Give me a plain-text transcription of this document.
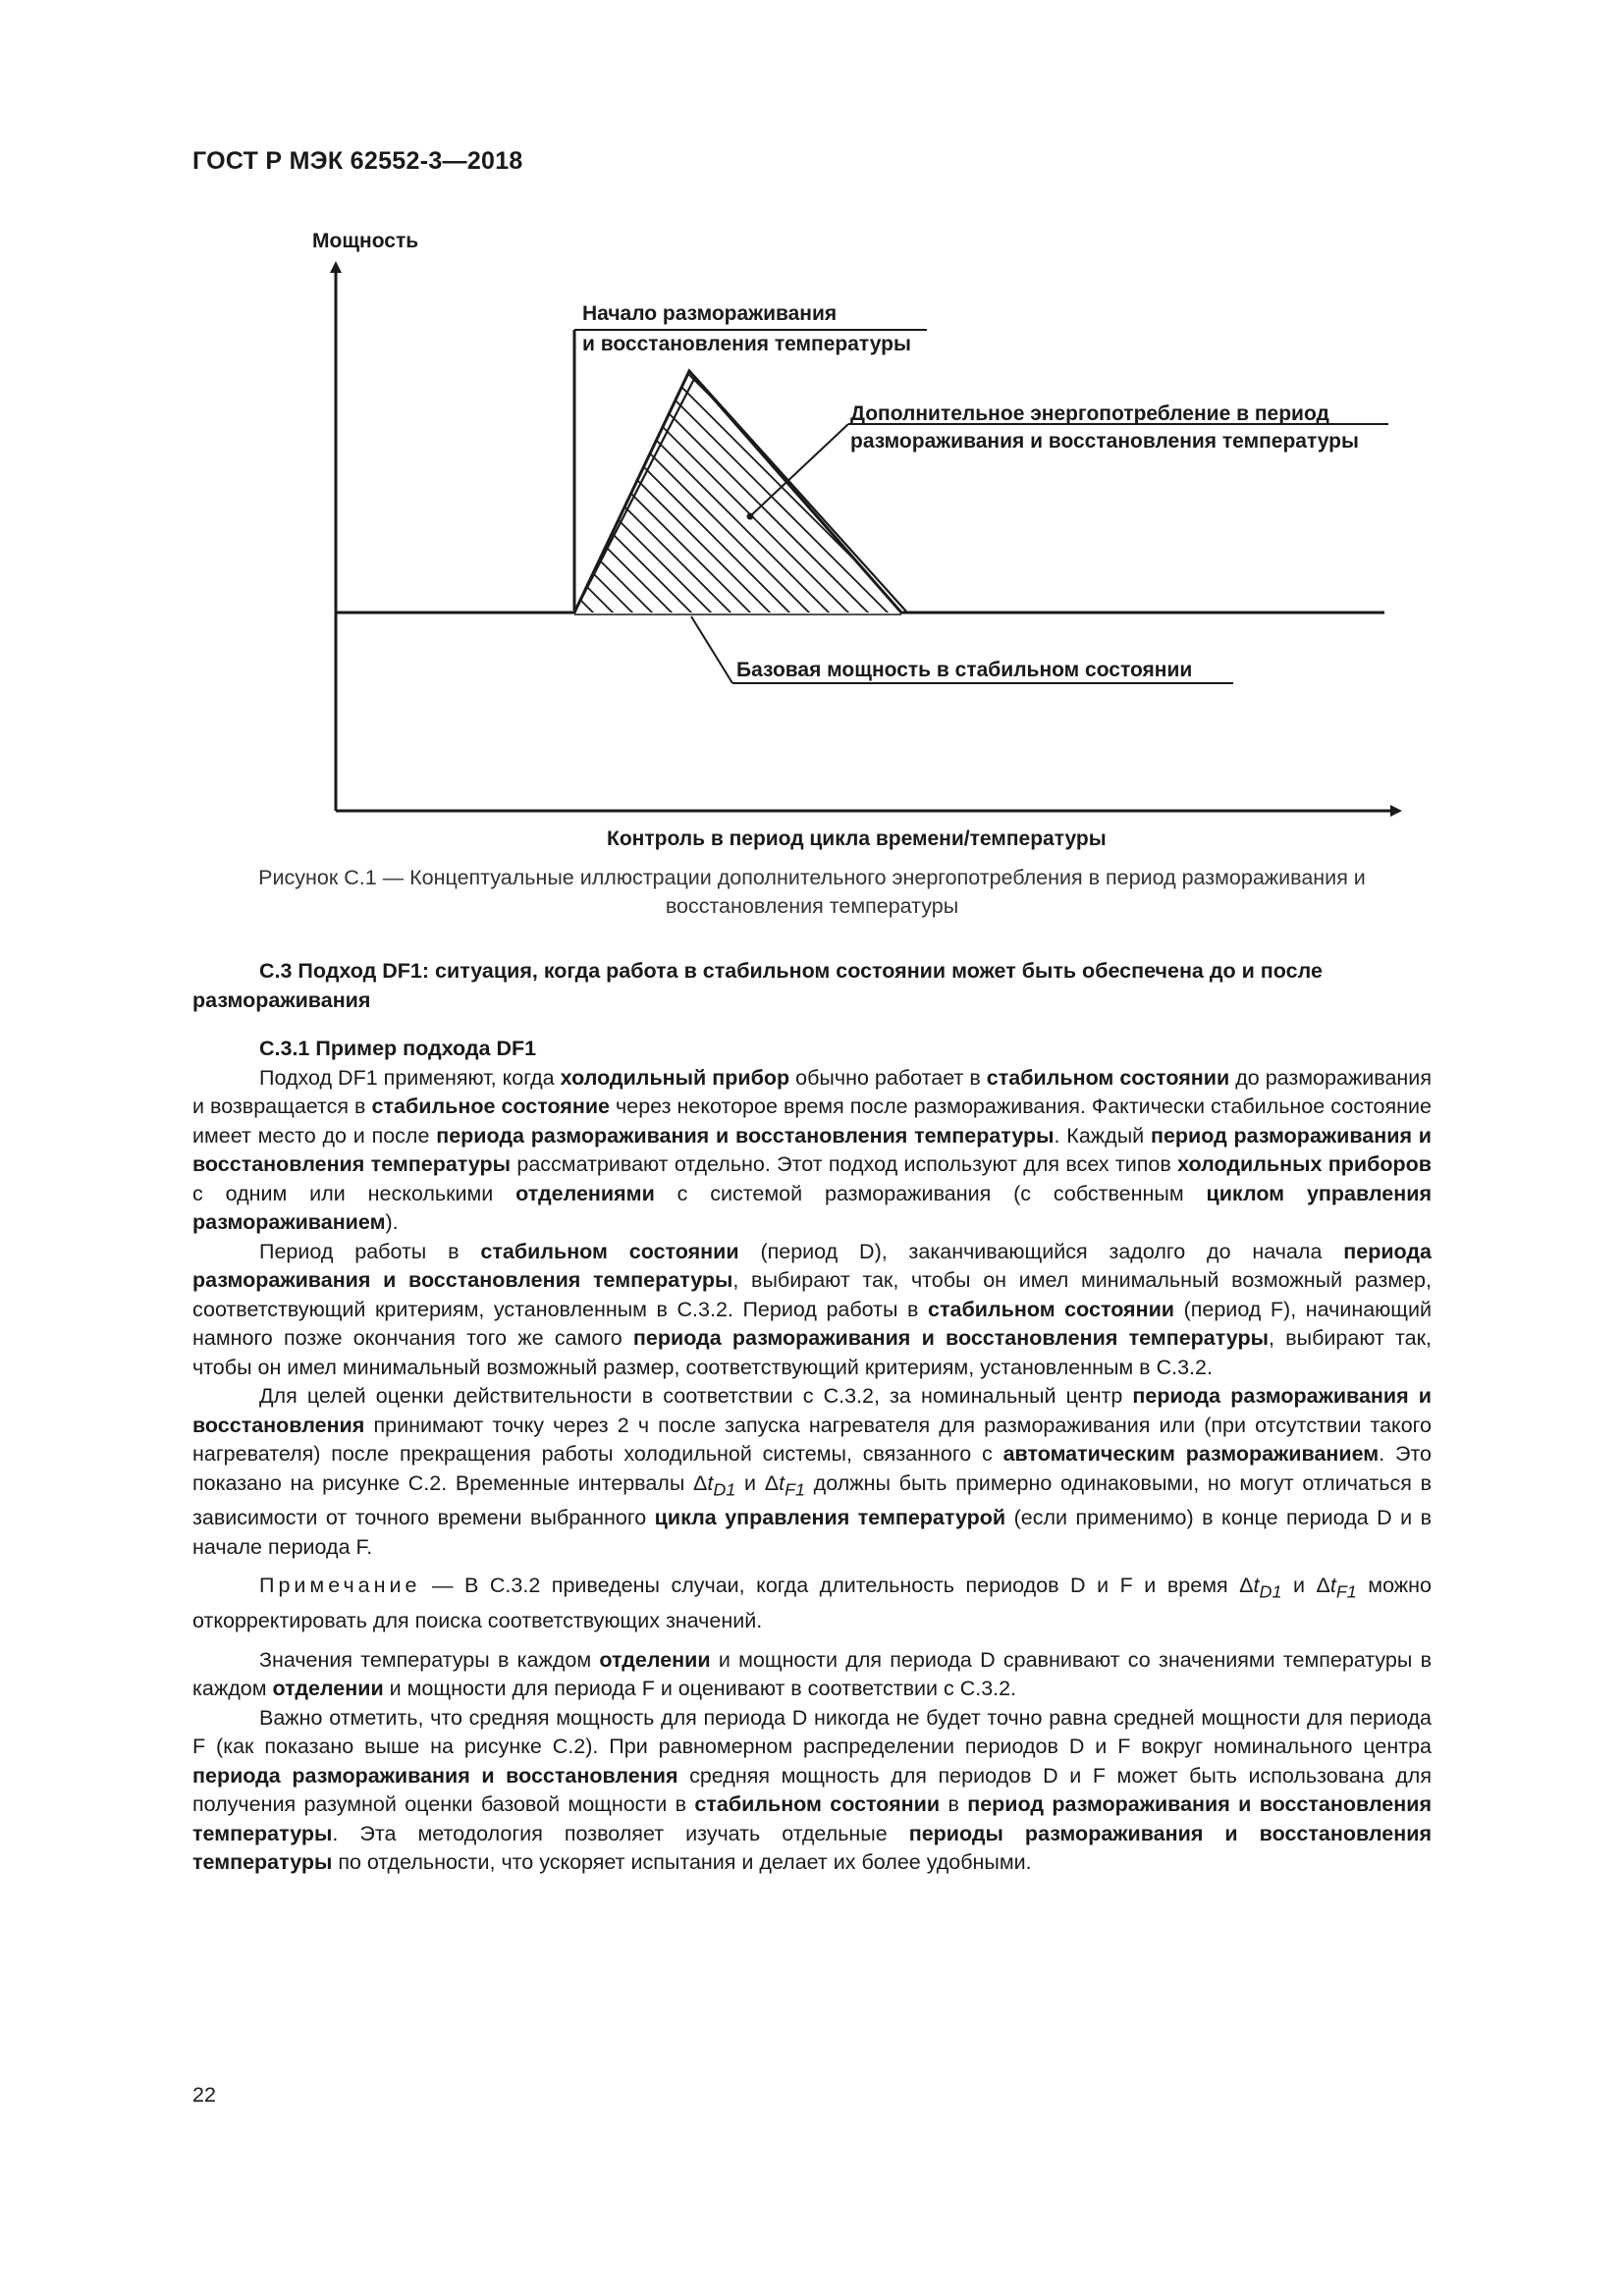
ГОСТ Р МЭК 62552-3—2018
Мощность
Начало размораживания
и восстановления температуры
Дополнительное энергопотребление в период
размораживания и восстановления температуры
Базовая мощность в стабильном состоянии
Контроль в период цикла времени/температуры
Рисунок С.1 — Концептуальные иллюстрации дополнительного энергопотребления в период размораживания и
восстановления температуры
С.3 Подход DF1: ситуация, когда работа в стабильном состоянии может быть обеспечена до и после размораживания
С.3.1 Пример подхода DF1

Подход DF1 применяют, когда холодильный прибор обычно работает в стабильном состоянии до размораживания и возвращается в стабильное состояние через некоторое время после размораживания. Фактически стабильное состояние имеет место до и после периода размораживания и восстановления температуры. Каждый период размораживания и восстановления температуры рассматривают отдельно. Этот подход используют для всех типов холодильных приборов с одним или несколькими отделениями с системой размораживания (с собственным циклом управления размораживанием).

Период работы в стабильном состоянии (период D), заканчивающийся задолго до начала периода размораживания и восстановления температуры, выбирают так, чтобы он имел минимальный возможный размер, соответствующий критериям, установленным в С.3.2. Период работы в стабильном состоянии (период F), начинающий намного позже окончания того же самого периода размораживания и восстановления температуры, выбирают так, чтобы он имел минимальный возможный размер, соответствующий критериям, установленным в С.3.2.

Для целей оценки действительности в соответствии с С.3.2, за номинальный центр периода размораживания и восстановления принимают точку через 2 ч после запуска нагревателя для размораживания или (при отсутствии такого нагревателя) после прекращения работы холодильной системы, связанного с автоматическим размораживанием. Это показано на рисунке С.2. Временные интервалы $\Delta t_{D1}$ и $\Delta t_{F1}$ должны быть примерно одинаковыми, но могут отличаться в зависимости от точного времени выбранного цикла управления температурой (если применимо) в конце периода D и в начале периода F.

Примечание — В С.3.2 приведены случаи, когда длительность периодов D и F и время $\Delta t_{D1}$ и $\Delta t_{F1}$ можно откорректировать для поиска соответствующих значений.

Значения температуры в каждом отделении и мощности для периода D сравнивают со значениями температуры в каждом отделении и мощности для периода F и оценивают в соответствии с С.3.2.

Важно отметить, что средняя мощность для периода D никогда не будет точно равна средней мощности для периода F (как показано выше на рисунке С.2). При равномерном распределении периодов D и F вокруг номинального центра периода размораживания и восстановления средняя мощность для периодов D и F может быть использована для получения разумной оценки базовой мощности в стабильном состоянии в период размораживания и восстановления температуры. Эта методология позволяет изучать отдельные периоды размораживания и восстановления температуры по отдельности, что ускоряет испытания и делает их более удобными.

22
